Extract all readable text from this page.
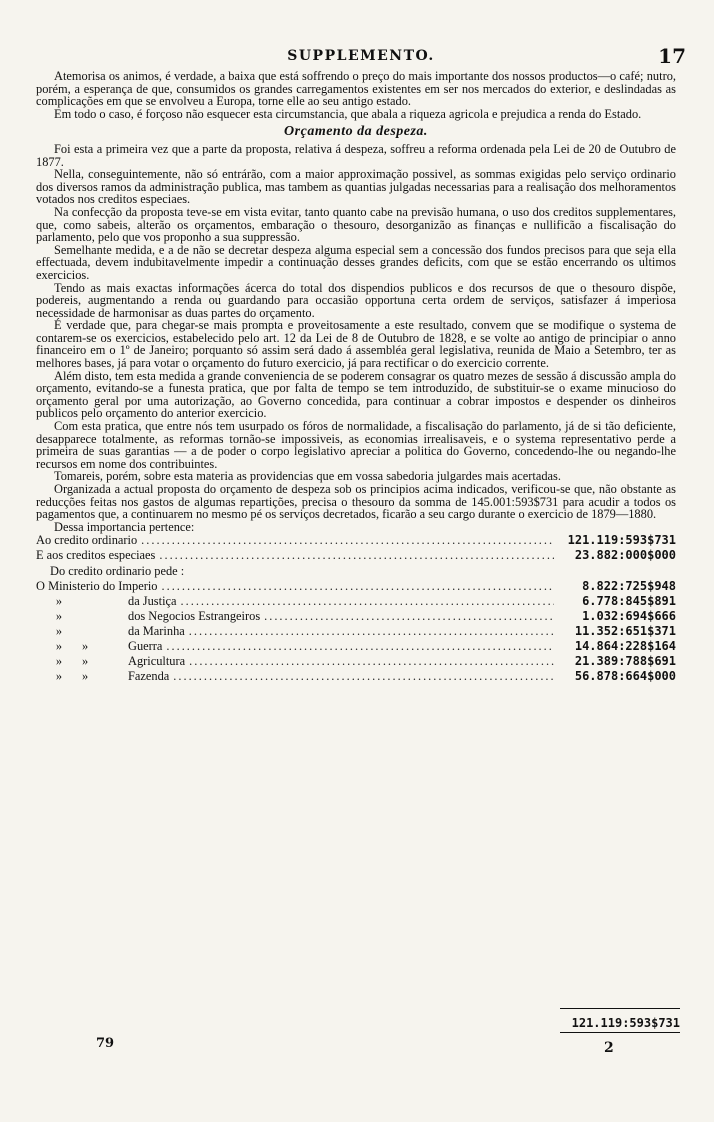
SUPPLEMENTO.	17

Atemorisa os animos, é verdade, a baixa que está soffrendo o preço do mais importante dos nossos productos—o café; nutro, porém, a esperança de que, consumidos os grandes carregamentos existentes em ser nos mercados do exterior, e deslindadas as complicações em que se envolveu a Europa, torne elle ao seu antigo estado.

Em todo o caso, é forçoso não esquecer esta circumstancia, que abala a riqueza agricola e prejudica a renda do Estado.

Orçamento da despeza.

Foi esta a primeira vez que a parte da proposta, relativa á despeza, soffreu a reforma ordenada pela Lei de 20 de Outubro de 1877.

Nella, conseguintemente, não só entrárão, com a maior approximação possivel, as sommas exigidas pelo serviço ordinario dos diversos ramos da administração publica, mas tambem as quantias julgadas necessarias para a realisação dos melhoramentos votados nos creditos especiaes.

Na confecção da proposta teve-se em vista evitar, tanto quanto cabe na previsão humana, o uso dos creditos supplementares, que, como sabeis, alterão os orçamentos, embaração o thesouro, desorganizão as finanças e nullificão a fiscalisação do parlamento, pelo que vos proponho a sua suppressão.

Semelhante medida, e a de não se decretar despeza alguma especial sem a concessão dos fundos precisos para que seja ella effectuada, devem indubitavelmente impedir a continuação desses grandes deficits, com que se estão encerrando os ultimos exercicios.

Tendo as mais exactas informações ácerca do total dos dispendios publicos e dos recursos de que o thesouro dispõe, podereis, augmentando a renda ou guardando para occasião opportuna certa ordem de serviços, satisfazer á imperiosa necessidade de harmonisar as duas partes do orçamento.

É verdade que, para chegar-se mais prompta e proveitosamente a este resultado, convem que se modifique o systema de contarem-se os exercicios, estabelecido pelo art. 12 da Lei de 8 de Outubro de 1828, e se volte ao antigo de principiar o anno financeiro em o 1º de Janeiro; porquanto só assim será dado á assembléa geral legislativa, reunida de Maio a Setembro, ter as melhores bases, já para votar o orçamento do futuro exercicio, já para rectificar o do exercicio corrente.

Além disto, tem esta medida a grande conveniencia de se poderem consagrar os quatro mezes de sessão á discussão ampla do orçamento, evitando-se a funesta pratica, que por falta de tempo se tem introduzido, de substituir-se o exame minucioso do orçamento geral por uma autorização, ao Governo concedida, para continuar a cobrar impostos e despender os dinheiros publicos pelo orçamento do anterior exercicio.

Com esta pratica, que entre nós tem usurpado os fóros de normalidade, a fiscalisação do parlamento, já de si tão deficiente, desapparece totalmente, as reformas tornão-se impossiveis, as economias irrealisaveis, e o systema representativo perde a primeira de suas garantias — a de poder o corpo legislativo apreciar a politica do Governo, concedendo-lhe ou negando-lhe recursos em nome dos contribuintes.

Tomareis, porém, sobre esta materia as providencias que em vossa sabedoria julgardes mais acertadas.

Organizada a actual proposta do orçamento de despeza sob os principios acima indicados, verificou-se que, não obstante as reducções feitas nos gastos de algumas repartições, precisa o thesouro da somma de 145.001:593$731 para acudir a todos os pagamentos que, a continuarem no mesmo pé os serviços decretados, ficarão a seu cargo durante o exercicio de 1879—1880.

Dessa importancia pertence:

Ao credito ordinario .....	121.119:593$731
E aos creditos especiaes .....	23.882:000$000
Do credito ordinario pede :
O Ministerio do Imperio .....	8.822:725$948
»	da Justiça .....	6.778:845$891
»	dos Negocios Estrangeiros .....	1.032:694$666
»	da Marinha .....	11.352:651$371
» »	Guerra .....	14.864:228$164
» »	Agricultura .....	21.389:788$691
» »	Fazenda .....	56.878:664$000
121.119:593$731
79	2
